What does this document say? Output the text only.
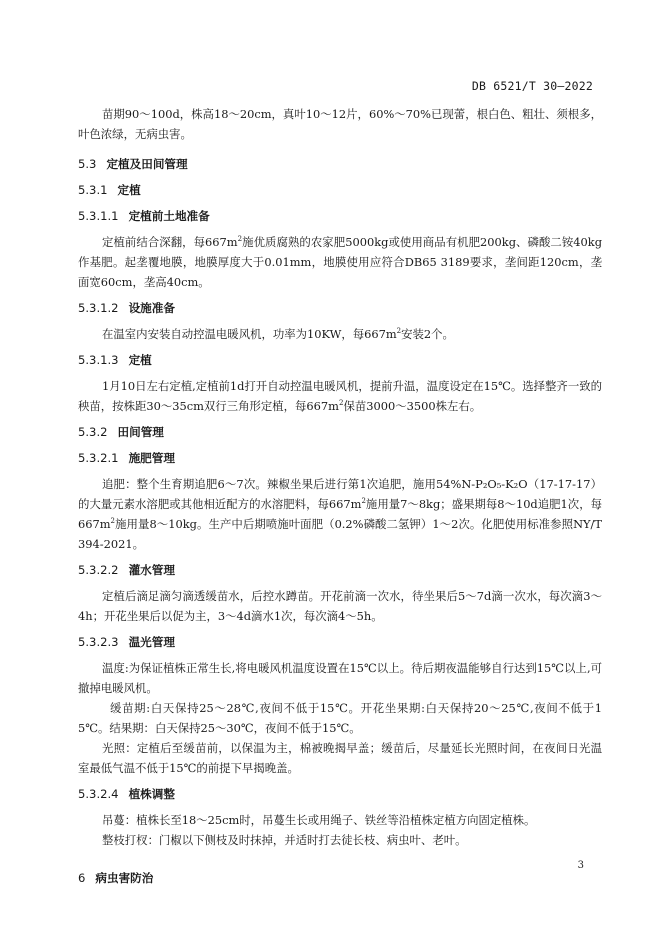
DB 6521/T 30—2022

苗期90～100d，株高18～20cm，真叶10～12片，60%～70%已现蕾，根白色、粗壮、须根多，叶色浓绿，无病虫害。

5.3 定植及田间管理

5.3.1 定植

5.3.1.1 定植前土地准备

定植前结合深翻，每$667m^2$施优质腐熟的农家肥5000kg或使用商品有机肥200kg、磷酸二铵40kg作基肥。起垄覆地膜，地膜厚度大于0.01mm，地膜使用应符合DB65 3189要求，垄间距120cm，垄面宽60cm，垄高40cm。

5.3.1.2 设施准备

在温室内安装自动控温电暖风机，功率为10KW，每$667m^2$安装2个。

5.3.1.3 定植

1月10日左右定植,定植前1d打开自动控温电暖风机，提前升温，温度设定在15℃。选择整齐一致的秧苗，按株距30～35cm双行三角形定植，每$667m^2$保苗3000～3500株左右。

5.3.2 田间管理

5.3.2.1 施肥管理

追肥：整个生育期追肥6～7次。辣椒坐果后进行第1次追肥，施用54%N-P₂O₅-K₂O（17-17-17）的大量元素水溶肥或其他相近配方的水溶肥料，每$667m^2$施用量7～8kg；盛果期每8～10d追肥1次，每$667m^2$施用量8～10kg。生产中后期喷施叶面肥（0.2%磷酸二氢钾）1～2次。化肥使用标准参照NY/T 394-2021。

5.3.2.2 灌水管理

定植后滴足滴匀滴透缓苗水，后控水蹲苗。开花前滴一次水，待坐果后5～7d滴一次水，每次滴3～4h；开花坐果后以促为主，3～4d滴水1次，每次滴4～5h。

5.3.2.3 温光管理

温度:为保证植株正常生长,将电暖风机温度设置在15℃以上。待后期夜温能够自行达到15℃以上,可撤掉电暖风机。

缓苗期:白天保持25～28℃,夜间不低于15℃。开花坐果期:白天保持20～25℃,夜间不低于15℃。结果期：白天保持25～30℃，夜间不低于15℃。

光照：定植后至缓苗前，以保温为主，棉被晚揭早盖；缓苗后，尽量延长光照时间，在夜间日光温室最低气温不低于15℃的前提下早揭晚盖。

5.3.2.4 植株调整

吊蔓：植株长至18～25cm时，吊蔓生长或用绳子、铁丝等沿植株定植方向固定植株。

整枝打杈：门椒以下侧枝及时抹掉，并适时打去徒长枝、病虫叶、老叶。

6 病虫害防治

3
